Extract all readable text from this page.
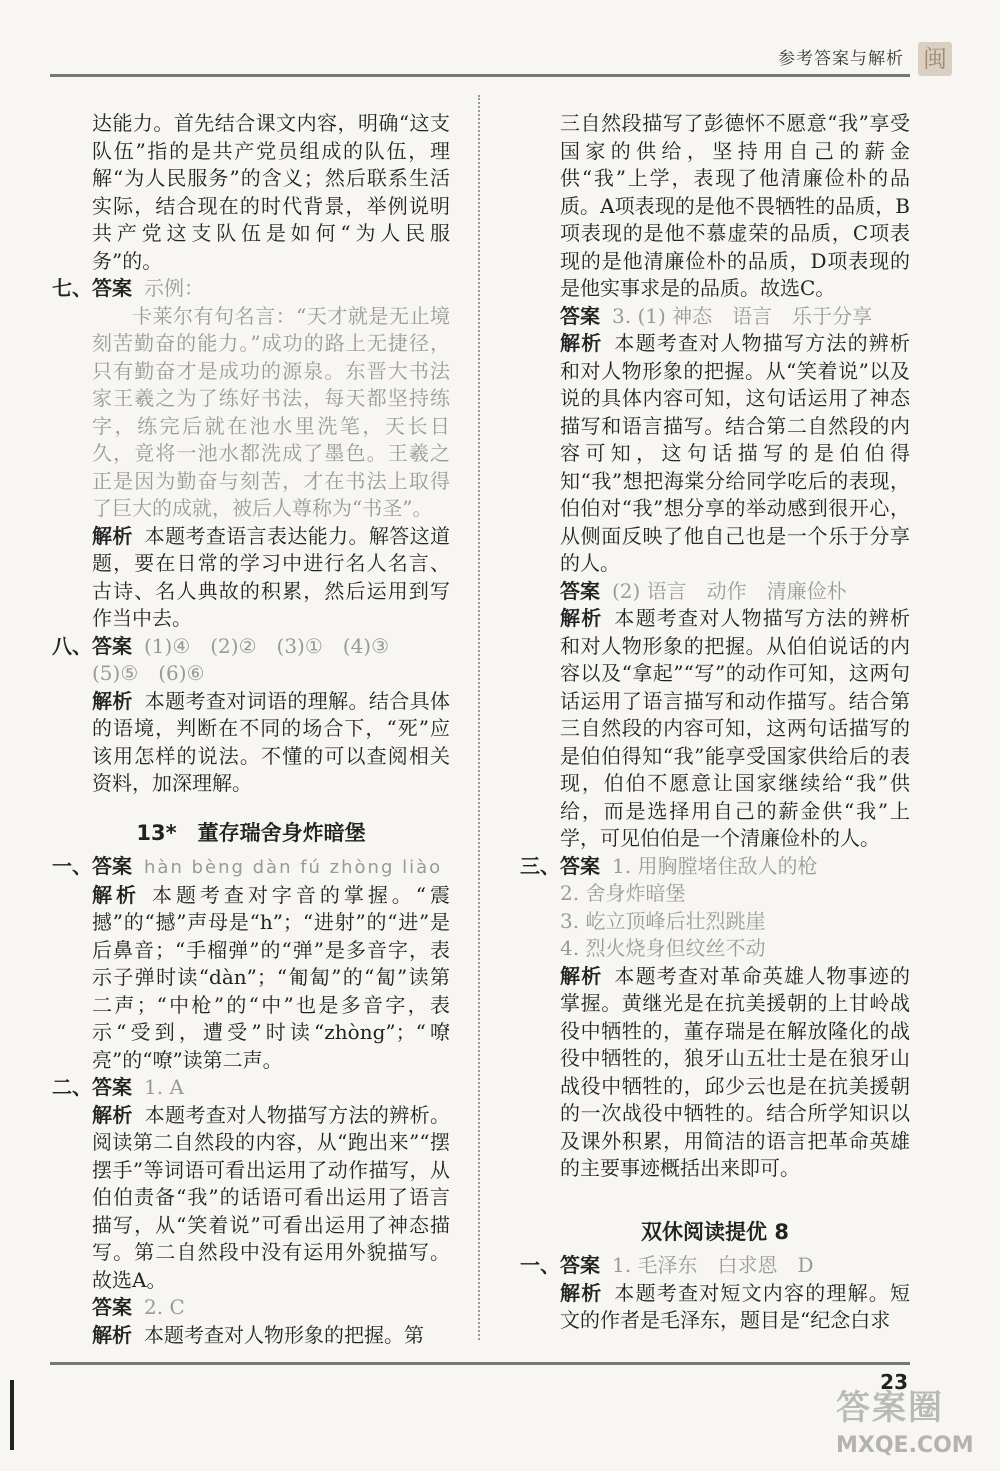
参考答案与解析 闽

达能力。首先结合课文内容，明确“这支队伍”指的是共产党员组成的队伍，理解“为人民服务”的含义；然后联系生活实际，结合现在的时代背景，举例说明共产党这支队伍是如何“为人民服务”的。

七、 答案 示例：

卡莱尔有句名言：“天才就是无止境刻苦勤奋的能力。”成功的路上无捷径，只有勤奋才是成功的源泉。东晋大书法家王羲之为了练好书法，每天都坚持练字，练完后就在池水里洗笔，天长日久，竟将一池水都洗成了墨色。王羲之正是因为勤奋与刻苦，才在书法上取得了巨大的成就，被后人尊称为“书圣”。

解析 本题考查语言表达能力。解答这道题，要在日常的学习中进行名人名言、古诗、名人典故的积累，然后运用到写作当中去。

八、 答案 (1)④　(2)②　(3)①　(4)③

(5)⑤　(6)⑥

解析 本题考查对词语的理解。结合具体的语境，判断在不同的场合下，“死”应该用怎样的说法。不懂的可以查阅相关资料，加深理解。

13*　董存瑞舍身炸暗堡
一、 答案 hàn bèng dàn fú zhòng liào

解析 本题考查对字音的掌握。“震撼”的“撼”声母是“h”；“进射”的“进”是后鼻音；“手榴弹”的“弹”是多音字，表示子弹时读“dàn”；“匍匐”的“匐”读第二声；“中枪”的“中”也是多音字，表示“受到，遭受”时读“zhòng”；“嘹亮”的“嘹”读第二声。

二、 答案 1. A

解析 本题考查对人物描写方法的辨析。阅读第二自然段的内容，从“跑出来”“摆摆手”等词语可看出运用了动作描写，从伯伯责备“我”的话语可看出运用了语言描写，从“笑着说”可看出运用了神态描写。第二自然段中没有运用外貌描写。故选A。

答案 2. C

解析 本题考查对人物形象的把握。第

三自然段描写了彭德怀不愿意“我”享受国家的供给，坚持用自己的薪金供“我”上学，表现了他清廉俭朴的品质。A项表现的是他不畏牺牲的品质，B项表现的是他不慕虚荣的品质，C项表现的是他清廉俭朴的品质，D项表现的是他实事求是的品质。故选C。

答案 3. (1) 神态　语言　乐于分享

解析 本题考查对人物描写方法的辨析和对人物形象的把握。从“笑着说”以及说的具体内容可知，这句话运用了神态描写和语言描写。结合第二自然段的内容可知，这句话描写的是伯伯得知“我”想把海棠分给同学吃后的表现，伯伯对“我”想分享的举动感到很开心，从侧面反映了他自己也是一个乐于分享的人。

答案 (2) 语言　动作　清廉俭朴

解析 本题考查对人物描写方法的辨析和对人物形象的把握。从伯伯说话的内容以及“拿起”“写”的动作可知，这两句话运用了语言描写和动作描写。结合第三自然段的内容可知，这两句话描写的是伯伯得知“我”能享受国家供给后的表现，伯伯不愿意让国家继续给“我”供给，而是选择用自己的薪金供“我”上学，可见伯伯是一个清廉俭朴的人。

三、 答案 1. 用胸膛堵住敌人的枪

2. 舍身炸暗堡

3. 屹立顶峰后壮烈跳崖

4. 烈火烧身但纹丝不动

解析 本题考查对革命英雄人物事迹的掌握。黄继光是在抗美援朝的上甘岭战役中牺牲的，董存瑞是在解放隆化的战役中牺牲的，狼牙山五壮士是在狼牙山战役中牺牲的，邱少云也是在抗美援朝的一次战役中牺牲的。结合所学知识以及课外积累，用简洁的语言把革命英雄的主要事迹概括出来即可。

双休阅读提优 8
一、 答案 1. 毛泽东　白求恩　D

解析 本题考查对短文内容的理解。短文的作者是毛泽东，题目是“纪念白求

23
答案圈
MXQE.COM
